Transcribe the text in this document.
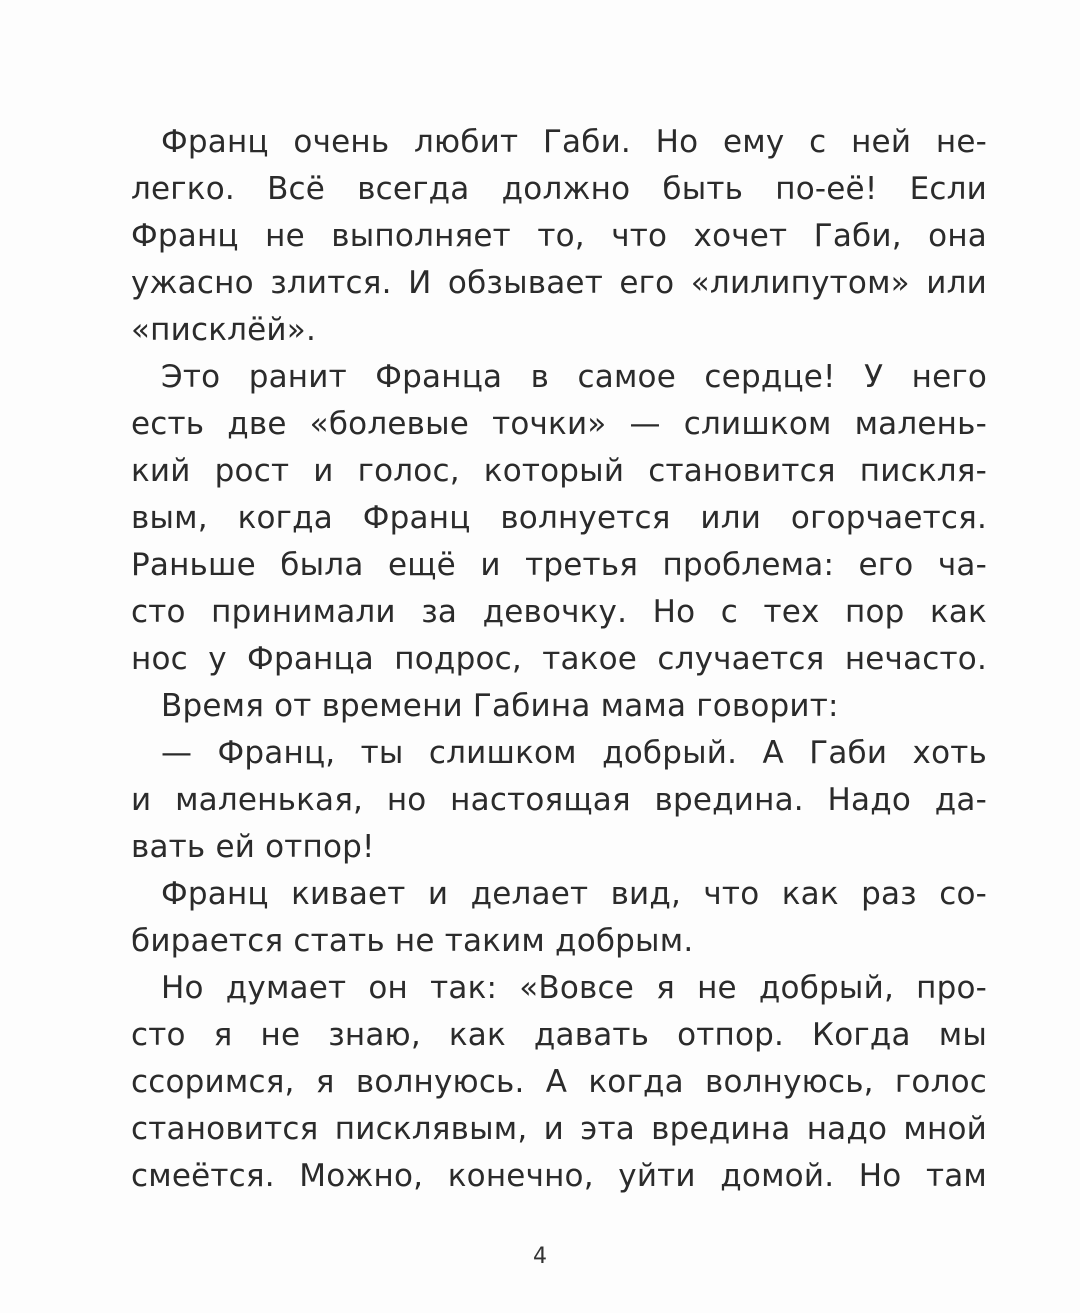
Франц очень любит Габи. Но ему с ней не-
легко. Всё всегда должно быть по-её! Если
Франц не выполняет то, что хочет Габи, она
ужасно злится. И обзывает его «лилипутом» или
«писклёй».
Это ранит Франца в самое сердце! У него
есть две «болевые точки» — слишком малень-
кий рост и голос, который становится пискля-
вым, когда Франц волнуется или огорчается.
Раньше была ещё и третья проблема: его ча-
сто принимали за девочку. Но с тех пор как
нос у Франца подрос, такое случается нечасто.
Время от времени Габина мама говорит:
— Франц, ты слишком добрый. А Габи хоть
и маленькая, но настоящая вредина. Надо да-
вать ей отпор!
Франц кивает и делает вид, что как раз со-
бирается стать не таким добрым.
Но думает он так: «Вовсе я не добрый, про-
сто я не знаю, как давать отпор. Когда мы
ссоримся, я волнуюсь. А когда волнуюсь, голос
становится писклявым, и эта вредина надо мной
смеётся. Можно, конечно, уйти домой. Но там
4
